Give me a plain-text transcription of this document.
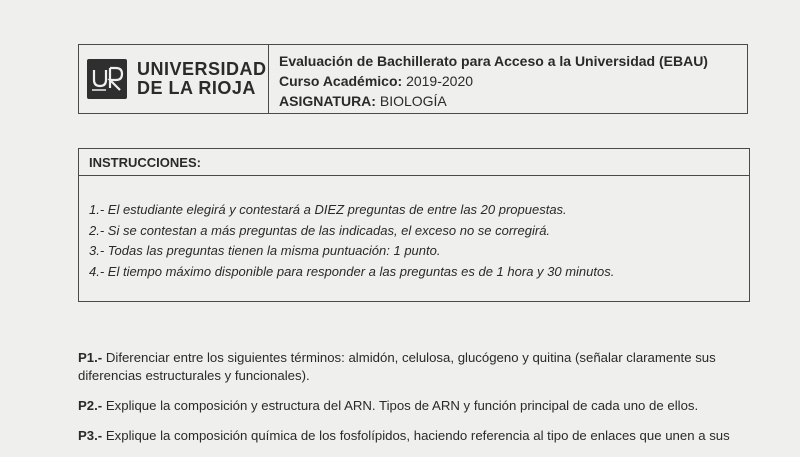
UNIVERSIDAD
DE LA RIOJA
Evaluación de Bachillerato para Acceso a la Universidad (EBAU)
Curso Académico: 2019-2020
ASIGNATURA: BIOLOGÍA
INSTRUCCIONES:
1.- El estudiante elegirá y contestará a DIEZ preguntas de entre las 20 propuestas.
2.- Si se contestan a más preguntas de las indicadas, el exceso no se corregirá.
3.- Todas las preguntas tienen la misma puntuación: 1 punto.
4.- El tiempo máximo disponible para responder a las preguntas es de 1 hora y 30 minutos.

P1.- Diferenciar entre los siguientes términos: almidón, celulosa, glucógeno y quitina (señalar claramente sus diferencias estructurales y funcionales).

P2.- Explique la composición y estructura del ARN. Tipos de ARN y función principal de cada uno de ellos.

P3.- Explique la composición química de los fosfolípidos, haciendo referencia al tipo de enlaces que unen a sus
